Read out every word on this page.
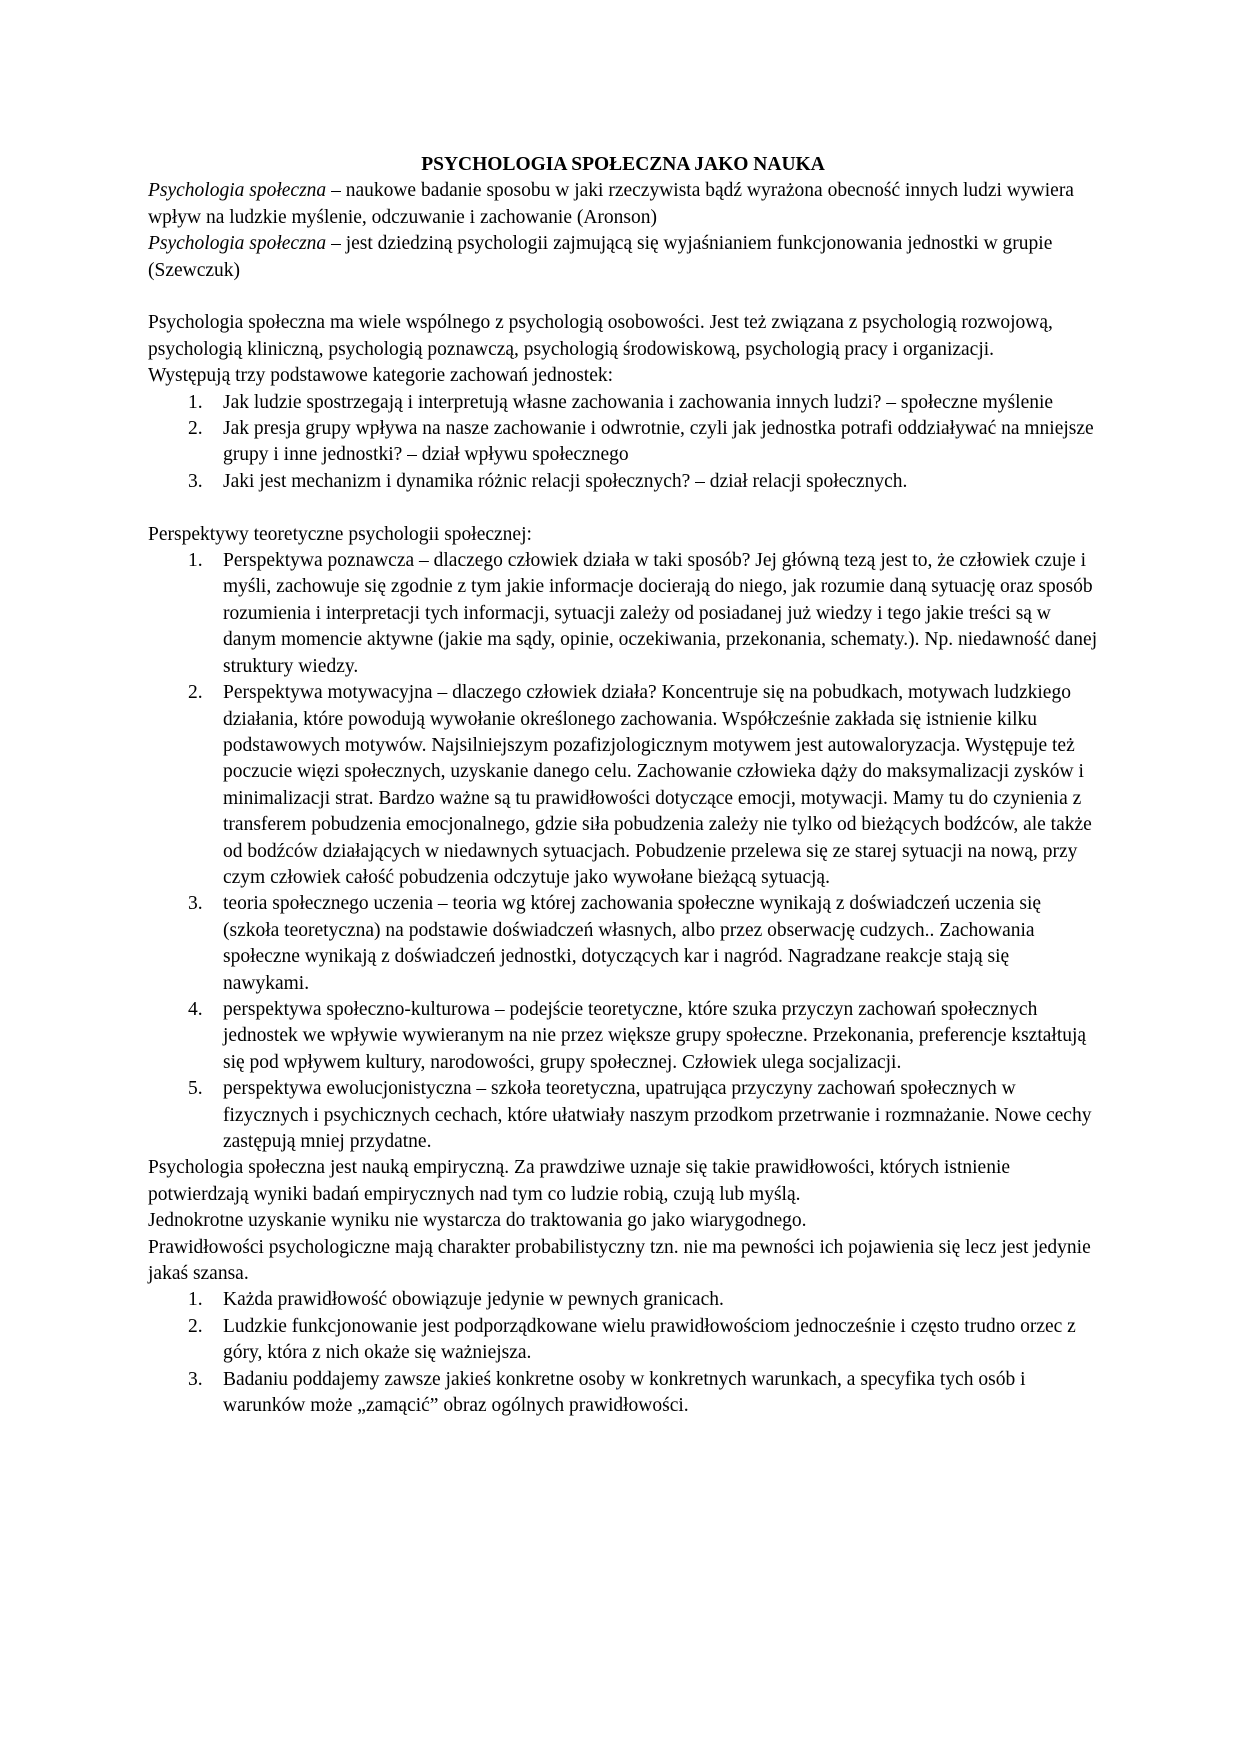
PSYCHOLOGIA SPOŁECZNA JAKO NAUKA

Psychologia społeczna – naukowe badanie sposobu w jaki rzeczywista bądź wyrażona obecność innych ludzi wywiera wpływ na ludzkie myślenie, odczuwanie i zachowanie (Aronson)

Psychologia społeczna – jest dziedziną psychologii zajmującą się wyjaśnianiem funkcjonowania jednostki w grupie (Szewczuk)

Psychologia społeczna ma wiele wspólnego z psychologią osobowości. Jest też związana z psychologią rozwojową, psychologią kliniczną, psychologią poznawczą, psychologią środowiskową, psychologią pracy i organizacji.

Występują trzy podstawowe kategorie zachowań jednostek:

1. Jak ludzie spostrzegają i interpretują własne zachowania i zachowania innych ludzi? – społeczne myślenie
2. Jak presja grupy wpływa na nasze zachowanie i odwrotnie, czyli jak jednostka potrafi oddziaływać na mniejsze grupy i inne jednostki? – dział wpływu społecznego
3. Jaki jest mechanizm i dynamika różnic relacji społecznych? – dział relacji społecznych.

Perspektywy teoretyczne psychologii społecznej:

1. Perspektywa poznawcza – dlaczego człowiek działa w taki sposób? Jej główną tezą jest to, że człowiek czuje i myśli, zachowuje się zgodnie z tym jakie informacje docierają do niego, jak rozumie daną sytuację oraz sposób rozumienia i interpretacji tych informacji, sytuacji zależy od posiadanej już wiedzy i tego jakie treści są w danym momencie aktywne (jakie ma sądy, opinie, oczekiwania, przekonania, schematy.). Np. niedawność danej struktury wiedzy.
2. Perspektywa motywacyjna – dlaczego człowiek działa? Koncentruje się na pobudkach, motywach ludzkiego działania, które powodują wywołanie określonego zachowania. Współcześnie zakłada się istnienie kilku podstawowych motywów. Najsilniejszym pozafizjologicznym motywem jest autowaloryzacja. Występuje też poczucie więzi społecznych, uzyskanie danego celu. Zachowanie człowieka dąży do maksymalizacji zysków i minimalizacji strat. Bardzo ważne są tu prawidłowości dotyczące emocji, motywacji. Mamy tu do czynienia z transferem pobudzenia emocjonalnego, gdzie siła pobudzenia zależy nie tylko od bieżących bodźców, ale także od bodźców działających w niedawnych sytuacjach. Pobudzenie przelewa się ze starej sytuacji na nową, przy czym człowiek całość pobudzenia odczytuje jako wywołane bieżącą sytuacją.
3. teoria społecznego uczenia – teoria wg której zachowania społeczne wynikają z doświadczeń uczenia się (szkoła teoretyczna) na podstawie doświadczeń własnych, albo przez obserwację cudzych.. Zachowania społeczne wynikają z doświadczeń jednostki, dotyczących kar i nagród. Nagradzane reakcje stają się nawykami.
4. perspektywa społeczno-kulturowa – podejście teoretyczne, które szuka przyczyn zachowań społecznych jednostek we wpływie wywieranym na nie przez większe grupy społeczne. Przekonania, preferencje kształtują się pod wpływem kultury, narodowości, grupy społecznej. Człowiek ulega socjalizacji.
5. perspektywa ewolucjonistyczna – szkoła teoretyczna, upatrująca przyczyny zachowań społecznych w fizycznych i psychicznych cechach, które ułatwiały naszym przodkom przetrwanie i rozmnażanie. Nowe cechy zastępują mniej przydatne.

Psychologia społeczna jest nauką empiryczną. Za prawdziwe uznaje się takie prawidłowości, których istnienie potwierdzają wyniki badań empirycznych nad tym co ludzie robią, czują lub myślą.

Jednokrotne uzyskanie wyniku nie wystarcza do traktowania go jako wiarygodnego.

Prawidłowości psychologiczne mają charakter probabilistyczny tzn. nie ma pewności ich pojawienia się lecz jest jedynie jakaś szansa.

1. Każda prawidłowość obowiązuje jedynie w pewnych granicach.
2. Ludzkie funkcjonowanie jest podporządkowane wielu prawidłowościom jednocześnie i często trudno orzec z góry, która z nich okaże się ważniejsza.
3. Badaniu poddajemy zawsze jakieś konkretne osoby w konkretnych warunkach, a specyfika tych osób i warunków może „zamącić” obraz ogólnych prawidłowości.
